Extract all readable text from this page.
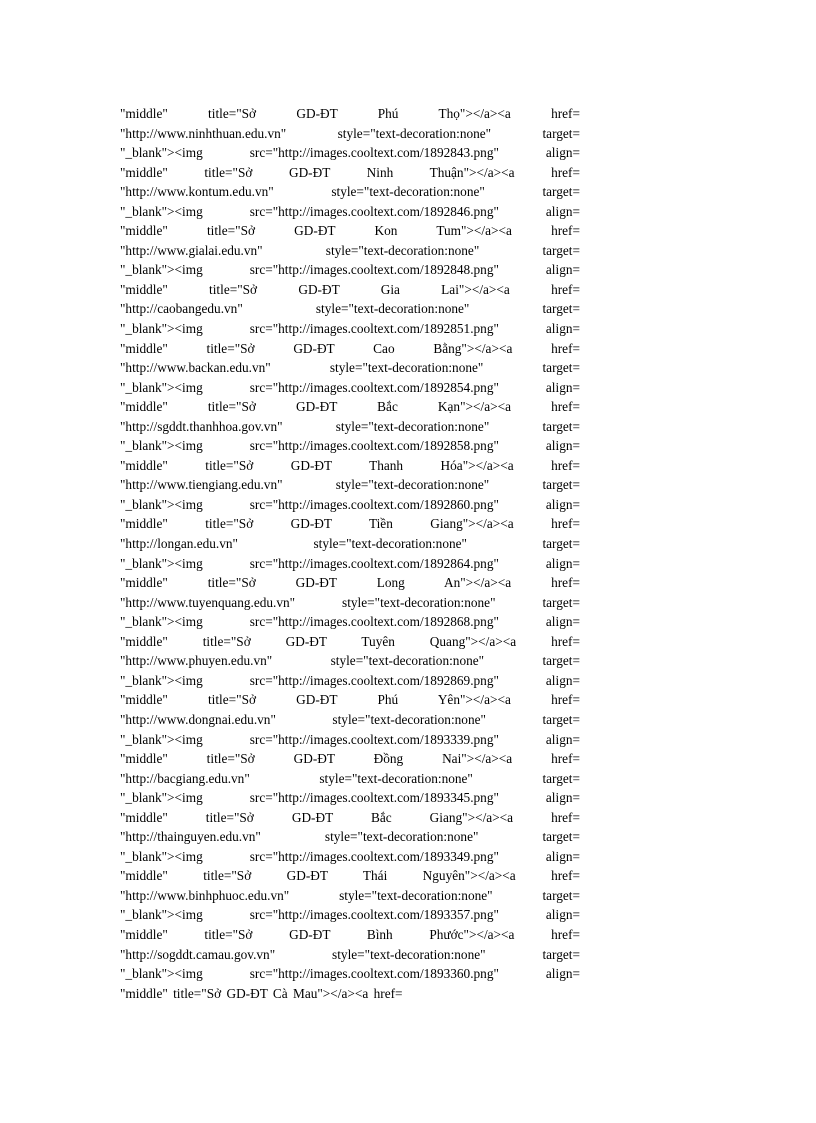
"middle" title="Sở GD-ĐT Phú Thọ"></a><a href=
"http://www.ninhthuan.edu.vn" style="text-decoration:none" target=
"_blank"><img src="http://images.cooltext.com/1892843.png" align=
"middle" title="Sở GD-ĐT Ninh Thuận"></a><a href=
"http://www.kontum.edu.vn" style="text-decoration:none" target=
"_blank"><img src="http://images.cooltext.com/1892846.png" align=
"middle" title="Sở GD-ĐT Kon Tum"></a><a href=
"http://www.gialai.edu.vn" style="text-decoration:none" target=
"_blank"><img src="http://images.cooltext.com/1892848.png" align=
"middle" title="Sở GD-ĐT Gia Lai"></a><a href=
"http://caobangedu.vn" style="text-decoration:none" target=
"_blank"><img src="http://images.cooltext.com/1892851.png" align=
"middle" title="Sở GD-ĐT Cao Bằng"></a><a href=
"http://www.backan.edu.vn" style="text-decoration:none" target=
"_blank"><img src="http://images.cooltext.com/1892854.png" align=
"middle" title="Sở GD-ĐT Bắc Kạn"></a><a href=
"http://sgddt.thanhhoa.gov.vn" style="text-decoration:none" target=
"_blank"><img src="http://images.cooltext.com/1892858.png" align=
"middle" title="Sở GD-ĐT Thanh Hóa"></a><a href=
"http://www.tiengiang.edu.vn" style="text-decoration:none" target=
"_blank"><img src="http://images.cooltext.com/1892860.png" align=
"middle" title="Sở GD-ĐT Tiền Giang"></a><a href=
"http://longan.edu.vn" style="text-decoration:none" target=
"_blank"><img src="http://images.cooltext.com/1892864.png" align=
"middle" title="Sở GD-ĐT Long An"></a><a href=
"http://www.tuyenquang.edu.vn" style="text-decoration:none" target=
"_blank"><img src="http://images.cooltext.com/1892868.png" align=
"middle" title="Sở GD-ĐT Tuyên Quang"></a><a href=
"http://www.phuyen.edu.vn" style="text-decoration:none" target=
"_blank"><img src="http://images.cooltext.com/1892869.png" align=
"middle" title="Sở GD-ĐT Phú Yên"></a><a href=
"http://www.dongnai.edu.vn" style="text-decoration:none" target=
"_blank"><img src="http://images.cooltext.com/1893339.png" align=
"middle" title="Sở GD-ĐT Đồng Nai"></a><a href=
"http://bacgiang.edu.vn" style="text-decoration:none" target=
"_blank"><img src="http://images.cooltext.com/1893345.png" align=
"middle" title="Sở GD-ĐT Bắc Giang"></a><a href=
"http://thainguyen.edu.vn" style="text-decoration:none" target=
"_blank"><img src="http://images.cooltext.com/1893349.png" align=
"middle" title="Sở GD-ĐT Thái Nguyên"></a><a href=
"http://www.binhphuoc.edu.vn" style="text-decoration:none" target=
"_blank"><img src="http://images.cooltext.com/1893357.png" align=
"middle" title="Sở GD-ĐT Bình Phước"></a><a href=
"http://sogddt.camau.gov.vn" style="text-decoration:none" target=
"_blank"><img src="http://images.cooltext.com/1893360.png" align=
"middle" title="Sở GD-ĐT Cà Mau"></a><a href=
